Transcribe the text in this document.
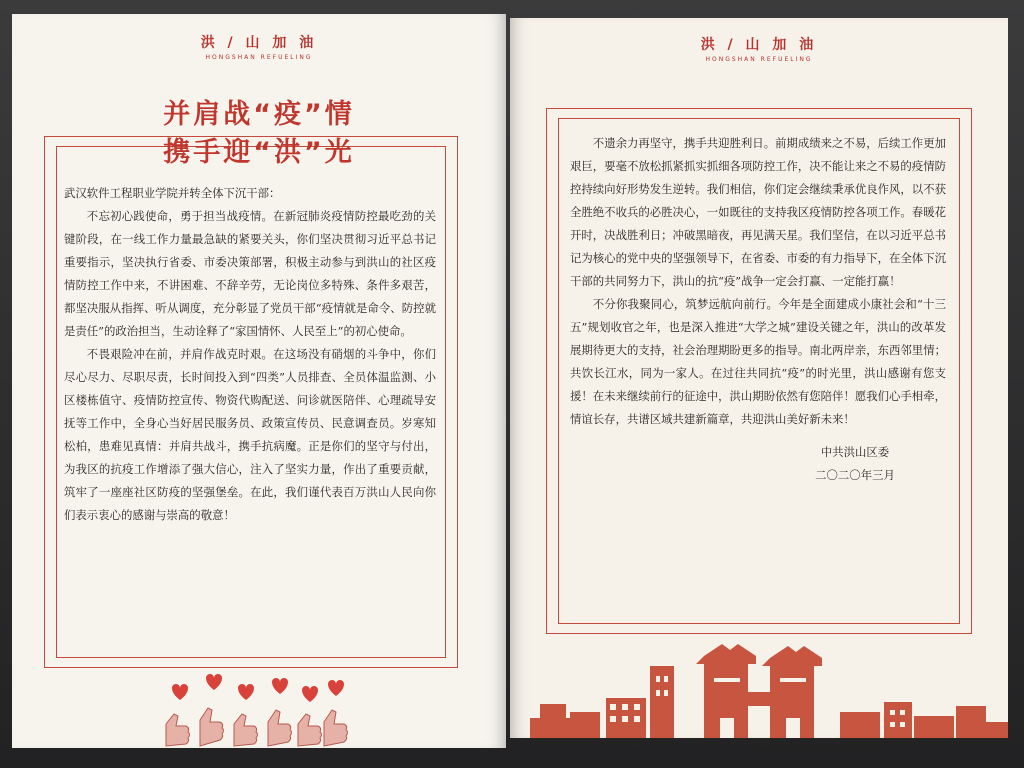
洪 / 山 加 油
HONGSHAN REFUELING
并肩战“疫”情
携手迎“洪”光

武汉软件工程职业学院并转全体下沉干部：

不忘初心践使命，勇于担当战疫情。在新冠肺炎疫情防控最吃劲的关键阶段，在一线工作力量最急缺的紧要关头，你们坚决贯彻习近平总书记重要指示，坚决执行省委、市委决策部署，积极主动参与到洪山的社区疫情防控工作中来，不讲困难、不辞辛劳，无论岗位多特殊、条件多艰苦，都坚决服从指挥、听从调度，充分彰显了党员干部“疫情就是命令、防控就是责任”的政治担当，生动诠释了“家国情怀、人民至上”的初心使命。

不畏艰险冲在前，并肩作战克时艰。在这场没有硝烟的斗争中，你们尽心尽力、尽职尽责，长时间投入到“四类”人员排查、全员体温监测、小区楼栋值守、疫情防控宣传、物资代购配送、问诊就医陪伴、心理疏导安抚等工作中，全身心当好居民服务员、政策宣传员、民意调查员。岁寒知松柏，患难见真情：并肩共战斗，携手抗病魔。正是你们的坚守与付出，为我区的抗疫工作增添了强大信心，注入了坚实力量，作出了重要贡献，筑牢了一座座社区防疫的坚强堡垒。在此，我们谨代表百万洪山人民向你们表示衷心的感谢与崇高的敬意！

洪 / 山 加 油
HONGSHAN REFUELING

不遗余力再坚守，携手共迎胜利日。前期成绩来之不易，后续工作更加艰巨，要毫不放松抓紧抓实抓细各项防控工作，决不能让来之不易的疫情防控持续向好形势发生逆转。我们相信，你们定会继续秉承优良作风，以不获全胜绝不收兵的必胜决心，一如既往的支持我区疫情防控各项工作。春暖花开时，决战胜利日；冲破黑暗夜，再见满天星。我们坚信，在以习近平总书记为核心的党中央的坚强领导下，在省委、市委的有力指导下，在全体下沉干部的共同努力下，洪山的抗“疫”战争一定会打赢、一定能打赢！

不分你我聚同心，筑梦远航向前行。今年是全面建成小康社会和“十三五”规划收官之年，也是深入推进“大学之城”建设关键之年，洪山的改革发展期待更大的支持，社会治理期盼更多的指导。南北两岸亲，东西邻里情；共饮长江水，同为一家人。在过往共同抗“疫”的时光里，洪山感谢有您支援！在未来继续前行的征途中，洪山期盼依然有您陪伴！愿我们心手相牵，情谊长存，共谱区域共建新篇章，共迎洪山美好新未来！

中共洪山区委
二〇二〇年三月
